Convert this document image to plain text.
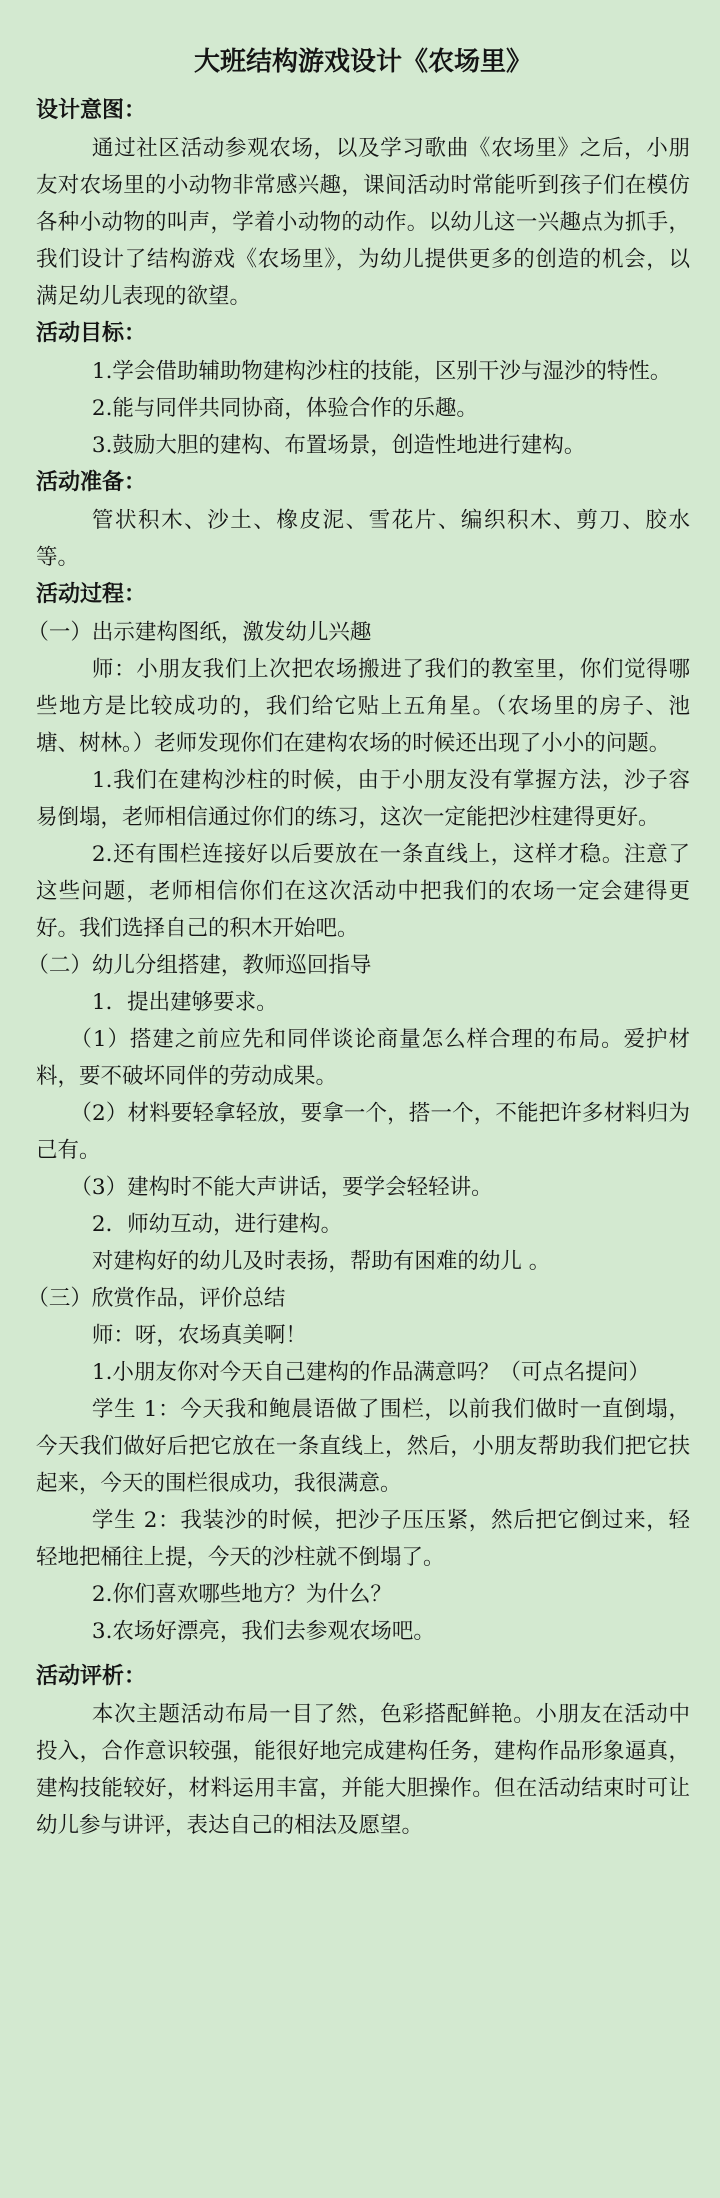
大班结构游戏设计《农场里》
设计意图：

通过社区活动参观农场，以及学习歌曲《农场里》之后，小朋友对农场里的小动物非常感兴趣，课间活动时常能听到孩子们在模仿各种小动物的叫声，学着小动物的动作。以幼儿这一兴趣点为抓手，我们设计了结构游戏《农场里》，为幼儿提供更多的创造的机会，以满足幼儿表现的欲望。

活动目标：

1.学会借助辅助物建构沙柱的技能，区别干沙与湿沙的特性。

2.能与同伴共同协商，体验合作的乐趣。

3.鼓励大胆的建构、布置场景，创造性地进行建构。

活动准备：

管状积木、沙土、橡皮泥、雪花片、编织积木、剪刀、胶水等。

活动过程：

（一）出示建构图纸，激发幼儿兴趣

师：小朋友我们上次把农场搬进了我们的教室里，你们觉得哪些地方是比较成功的，我们给它贴上五角星。（农场里的房子、池塘、树林。）老师发现你们在建构农场的时候还出现了小小的问题。

1.我们在建构沙柱的时候，由于小朋友没有掌握方法，沙子容易倒塌，老师相信通过你们的练习，这次一定能把沙柱建得更好。

2.还有围栏连接好以后要放在一条直线上，这样才稳。注意了这些问题，老师相信你们在这次活动中把我们的农场一定会建得更好。我们选择自己的积木开始吧。

（二）幼儿分组搭建，教师巡回指导

1．提出建够要求。

（1）搭建之前应先和同伴谈论商量怎么样合理的布局。爱护材料，要不破坏同伴的劳动成果。

（2）材料要轻拿轻放，要拿一个，搭一个，不能把许多材料归为己有。

（3）建构时不能大声讲话，要学会轻轻讲。

2．师幼互动，进行建构。

对建构好的幼儿及时表扬，帮助有困难的幼儿 。

（三）欣赏作品，评价总结

师：呀，农场真美啊！

1.小朋友你对今天自己建构的作品满意吗？（可点名提问）

学生 1：今天我和鲍晨语做了围栏，以前我们做时一直倒塌，今天我们做好后把它放在一条直线上，然后，小朋友帮助我们把它扶起来，今天的围栏很成功，我很满意。

学生 2：我装沙的时候，把沙子压压紧，然后把它倒过来，轻轻地把桶往上提，今天的沙柱就不倒塌了。

2.你们喜欢哪些地方？为什么？

3.农场好漂亮，我们去参观农场吧。

活动评析：

本次主题活动布局一目了然，色彩搭配鲜艳。小朋友在活动中投入，合作意识较强，能很好地完成建构任务，建构作品形象逼真，建构技能较好，材料运用丰富，并能大胆操作。但在活动结束时可让幼儿参与讲评，表达自己的相法及愿望。
